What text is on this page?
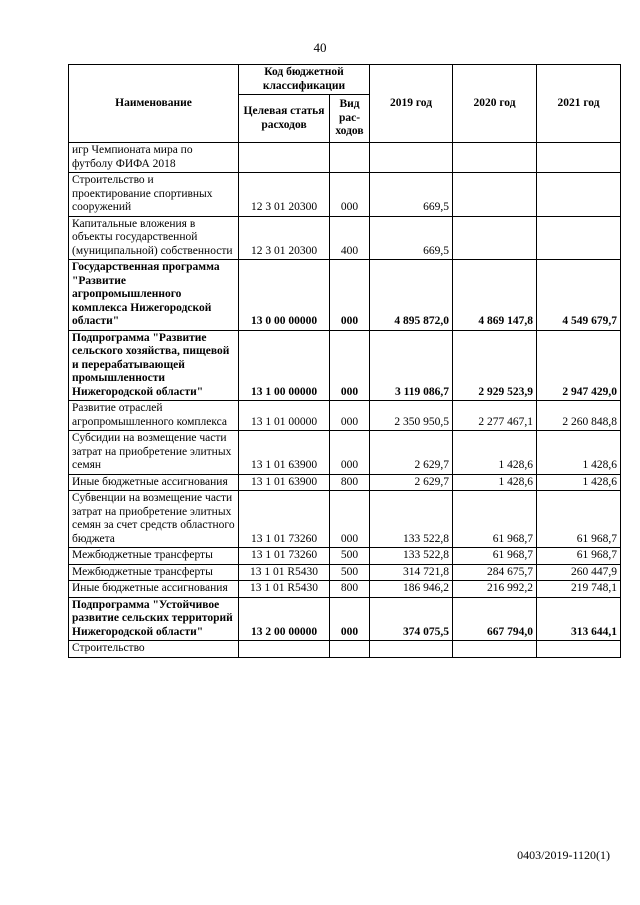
40
Наименование	Код бюджетной классификации		2019 год	2020 год	2021 год
	Целевая статья расходов	Вид рас-ходов			
игр Чемпионата мира по футболу ФИФА 2018					
Строительство и проектирование спортивных сооружений	12 3 01 20300	000	669,5		
Капитальные вложения в объекты государственной (муниципальной) собственности	12 3 01 20300	400	669,5		
Государственная программа "Развитие агропромышленного комплекса Нижегородской области"	13 0 00 00000	000	4 895 872,0	4 869 147,8	4 549 679,7
Подпрограмма "Развитие сельского хозяйства, пищевой и перерабатывающей промышленности Нижегородской области"	13 1 00 00000	000	3 119 086,7	2 929 523,9	2 947 429,0
Развитие отраслей агропромышленного комплекса	13 1 01 00000	000	2 350 950,5	2 277 467,1	2 260 848,8
Субсидии на возмещение части затрат на приобретение элитных семян	13 1 01 63900	000	2 629,7	1 428,6	1 428,6
Иные бюджетные ассигнования	13 1 01 63900	800	2 629,7	1 428,6	1 428,6
Субвенции на возмещение части затрат на приобретение элитных семян за счет средств областного бюджета	13 1 01 73260	000	133 522,8	61 968,7	61 968,7
Межбюджетные трансферты	13 1 01 73260	500	133 522,8	61 968,7	61 968,7
Межбюджетные трансферты	13 1 01 R5430	500	314 721,8	284 675,7	260 447,9
Иные бюджетные ассигнования	13 1 01 R5430	800	186 946,2	216 992,2	219 748,1
Подпрограмма "Устойчивое развитие сельских территорий Нижегородской области"	13 2 00 00000	000	374 075,5	667 794,0	313 644,1
Строительство					
0403/2019-1120(1)
